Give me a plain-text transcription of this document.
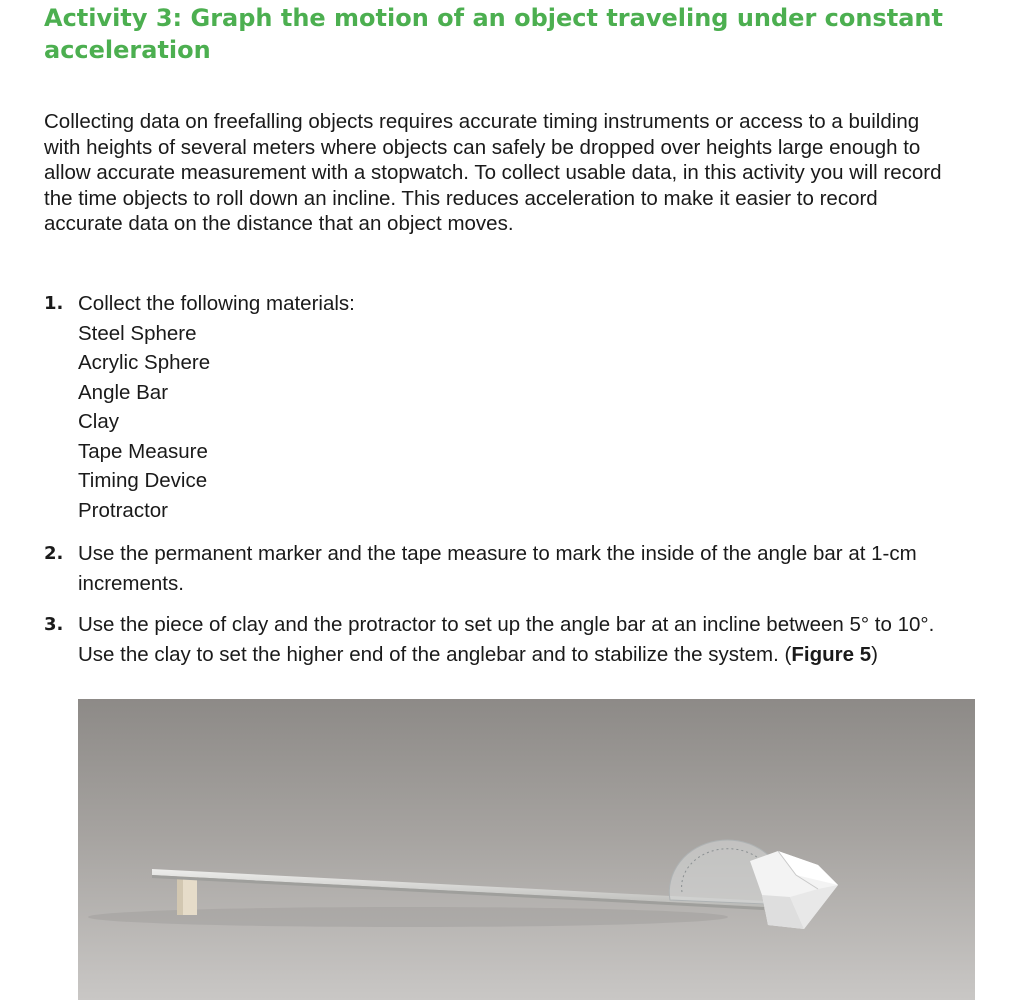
Activity 3: Graph the motion of an object traveling under constant
acceleration

Collecting data on freefalling objects requires accurate timing instruments or access to a building with heights of several meters where objects can safely be dropped over heights large enough to allow accurate measurement with a stopwatch. To collect usable data, in this activity you will record the time objects to roll down an incline. This reduces acceleration to make it easier to record accurate data on the distance that an object moves.

1. Collect the following materials:
Steel Sphere
Acrylic Sphere
Angle Bar
Clay
Tape Measure
Timing Device
Protractor
2. Use the permanent marker and the tape measure to mark the inside of the angle bar at 1-cm increments.
3. Use the piece of clay and the protractor to set up the angle bar at an incline between 5° to 10°. Use the clay to set the higher end of the anglebar and to stabilize the system. (Figure 5)
